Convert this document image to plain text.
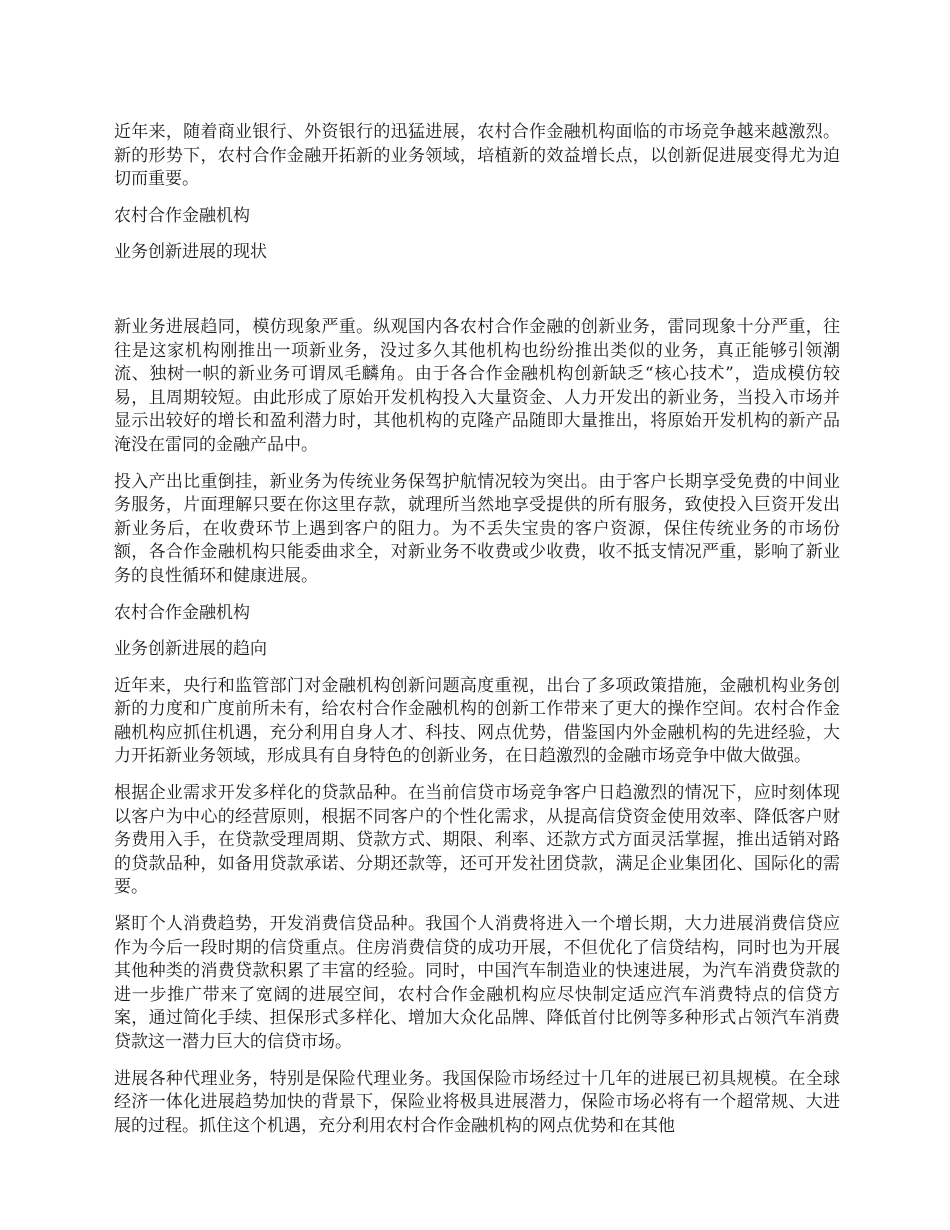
近年来，随着商业银行、外资银行的迅猛进展，农村合作金融机构面临的市场竞争越来越激烈。新的形势下，农村合作金融开拓新的业务领域，培植新的效益增长点，以创新促进展变得尤为迫切而重要。

农村合作金融机构

业务创新进展的现状

新业务进展趋同，模仿现象严重。纵观国内各农村合作金融的创新业务，雷同现象十分严重，往往是这家机构刚推出一项新业务，没过多久其他机构也纷纷推出类似的业务，真正能够引领潮流、独树一帜的新业务可谓凤毛麟角。由于各合作金融机构创新缺乏“核心技术”，造成模仿较易，且周期较短。由此形成了原始开发机构投入大量资金、人力开发出的新业务，当投入市场并显示出较好的增长和盈利潜力时，其他机构的克隆产品随即大量推出，将原始开发机构的新产品淹没在雷同的金融产品中。

投入产出比重倒挂，新业务为传统业务保驾护航情况较为突出。由于客户长期享受免费的中间业务服务，片面理解只要在你这里存款，就理所当然地享受提供的所有服务，致使投入巨资开发出新业务后，在收费环节上遇到客户的阻力。为不丢失宝贵的客户资源，保住传统业务的市场份额，各合作金融机构只能委曲求全，对新业务不收费或少收费，收不抵支情况严重，影响了新业务的良性循环和健康进展。

农村合作金融机构

业务创新进展的趋向

近年来，央行和监管部门对金融机构创新问题高度重视，出台了多项政策措施，金融机构业务创新的力度和广度前所未有，给农村合作金融机构的创新工作带来了更大的操作空间。农村合作金融机构应抓住机遇，充分利用自身人才、科技、网点优势，借鉴国内外金融机构的先进经验，大力开拓新业务领域，形成具有自身特色的创新业务，在日趋激烈的金融市场竞争中做大做强。

根据企业需求开发多样化的贷款品种。在当前信贷市场竞争客户日趋激烈的情况下，应时刻体现以客户为中心的经营原则，根据不同客户的个性化需求，从提高信贷资金使用效率、降低客户财务费用入手，在贷款受理周期、贷款方式、期限、利率、还款方式方面灵活掌握，推出适销对路的贷款品种，如备用贷款承诺、分期还款等，还可开发社团贷款，满足企业集团化、国际化的需要。

紧盯个人消费趋势，开发消费信贷品种。我国个人消费将进入一个增长期，大力进展消费信贷应作为今后一段时期的信贷重点。住房消费信贷的成功开展，不但优化了信贷结构，同时也为开展其他种类的消费贷款积累了丰富的经验。同时，中国汽车制造业的快速进展，为汽车消费贷款的进一步推广带来了宽阔的进展空间，农村合作金融机构应尽快制定适应汽车消费特点的信贷方案，通过简化手续、担保形式多样化、增加大众化品牌、降低首付比例等多种形式占领汽车消费贷款这一潜力巨大的信贷市场。

进展各种代理业务，特别是保险代理业务。我国保险市场经过十几年的进展已初具规模。在全球经济一体化进展趋势加快的背景下，保险业将极具进展潜力，保险市场必将有一个超常规、大进展的过程。抓住这个机遇，充分利用农村合作金融机构的网点优势和在其他
